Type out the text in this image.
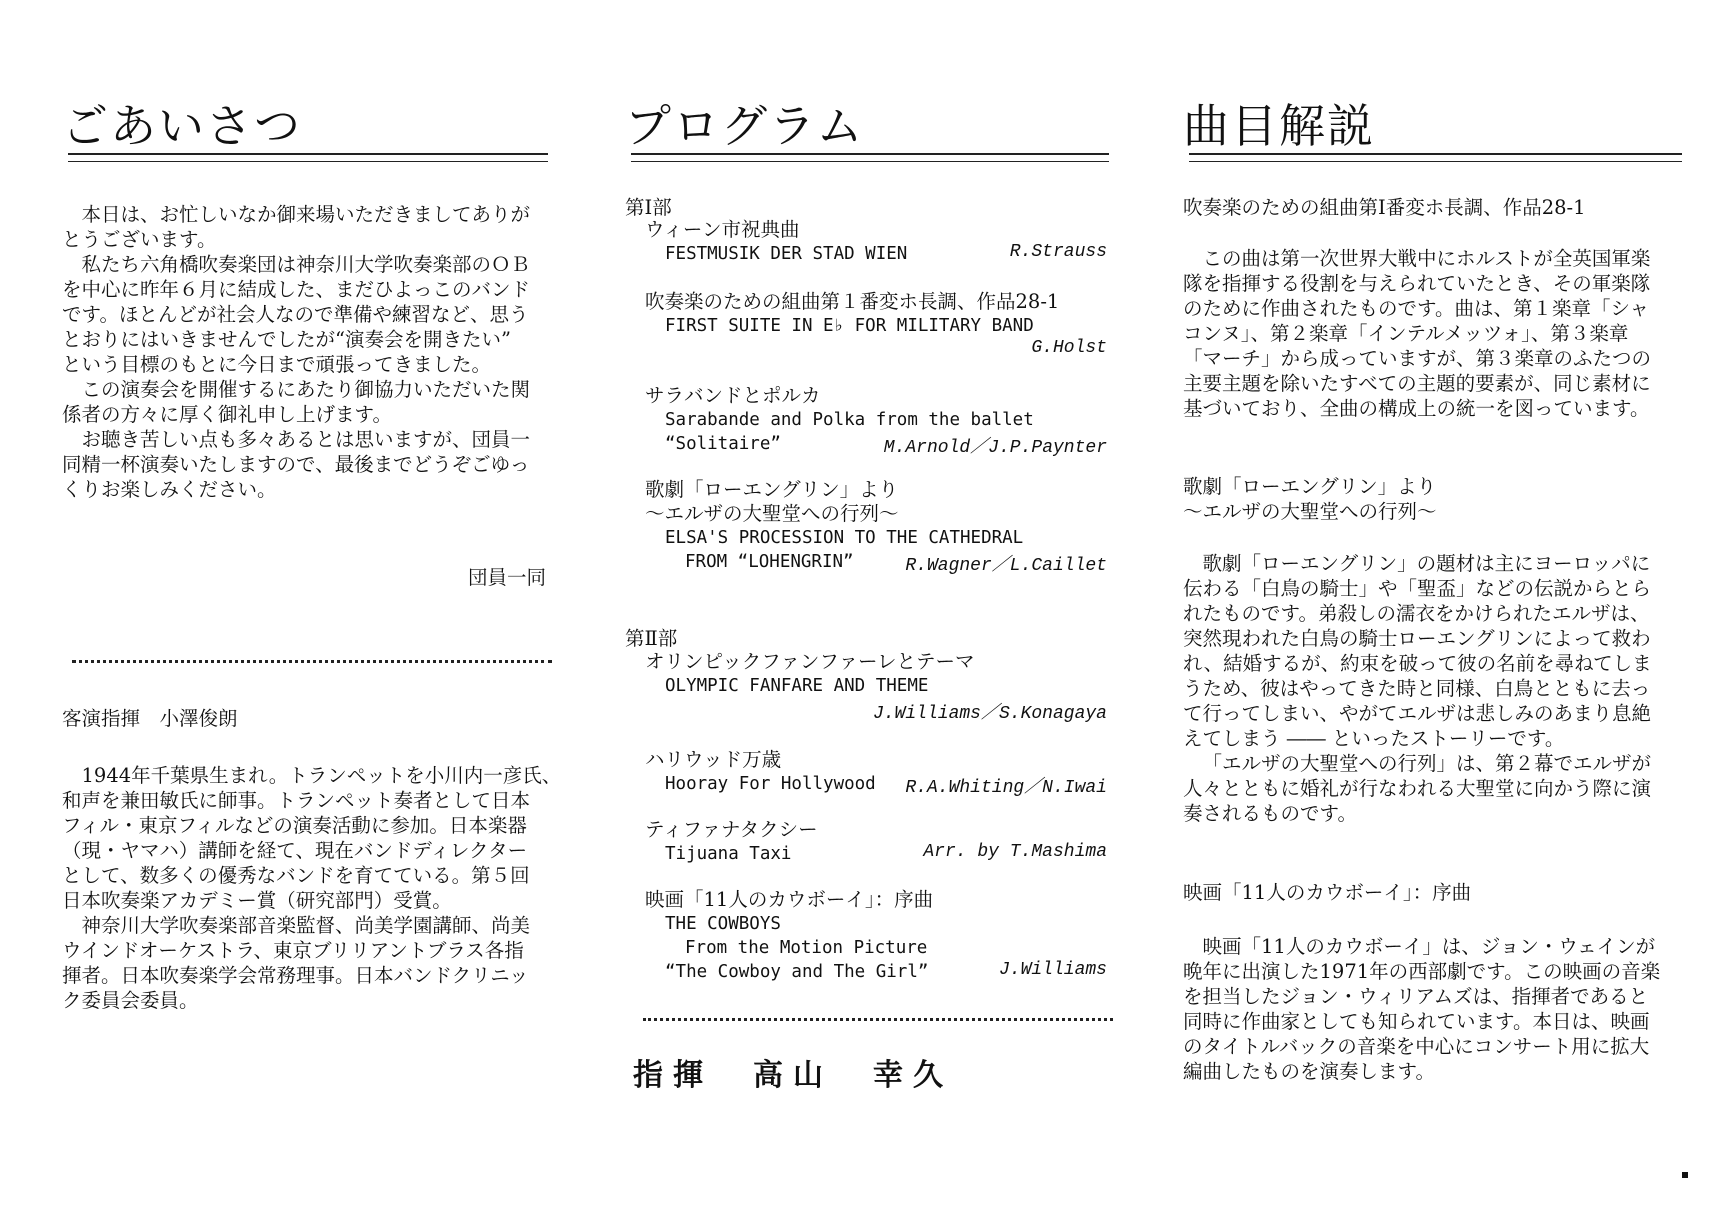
ごあいさつ
本日は、お忙しいなか御来場いただきましてありが
とうございます。
私たち六角橋吹奏楽団は神奈川大学吹奏楽部のＯＢ
を中心に昨年６月に結成した、まだひよっこのバンド
です。ほとんどが社会人なので準備や練習など、思う
とおりにはいきませんでしたが“演奏会を開きたい”
という目標のもとに今日まで頑張ってきました。
この演奏会を開催するにあたり御協力いただいた関
係者の方々に厚く御礼申し上げます。
お聴き苦しい点も多々あるとは思いますが、団員一
同精一杯演奏いたしますので、最後までどうぞごゆっ
くりお楽しみください。
団員一同
客演指揮　小澤俊朗
1944年千葉県生まれ。トランペットを小川内一彦氏、
和声を兼田敏氏に師事。トランペット奏者として日本
フィル・東京フィルなどの演奏活動に参加。日本楽器
（現・ヤマハ）講師を経て、現在バンドディレクター
として、数多くの優秀なバンドを育てている。第５回
日本吹奏楽アカデミー賞（研究部門）受賞。
神奈川大学吹奏楽部音楽監督、尚美学園講師、尚美
ウインドオーケストラ、東京ブリリアントブラス各指
揮者。日本吹奏楽学会常務理事。日本バンドクリニッ
ク委員会委員。
プログラム
第Ⅰ部
ウィーン市祝典曲
FESTMUSIK DER STAD WIEN	R.Strauss
吹奏楽のための組曲第１番変ホ長調、作品28-1
FIRST SUITE IN E♭ FOR MILITARY BAND
G.Holst
サラバンドとポルカ
Sarabande and Polka from the ballet
“Solitaire”	M.Arnold／J.P.Paynter
歌劇「ローエングリン」より
～エルザの大聖堂への行列～
ELSA'S PROCESSION TO THE CATHEDRAL
FROM “LOHENGRIN”	R.Wagner／L.Caillet
第Ⅱ部
オリンピックファンファーレとテーマ
OLYMPIC FANFARE AND THEME
J.Williams／S.Konagaya
ハリウッド万歳
Hooray For Hollywood	R.A.Whiting／N.Iwai
ティファナタクシー
Tijuana Taxi	Arr. by T.Mashima
映画「11人のカウボーイ」：序曲
THE COWBOYS
From the Motion Picture
“The Cowboy and The Girl”	J.Williams
指揮 高山 幸久
曲目解説
吹奏楽のための組曲第Ⅰ番変ホ長調、作品28-1
この曲は第一次世界大戦中にホルストが全英国軍楽
隊を指揮する役割を与えられていたとき、その軍楽隊
のために作曲されたものです。曲は、第１楽章「シャ
コンヌ」、第２楽章「インテルメッツォ」、第３楽章
「マーチ」から成っていますが、第３楽章のふたつの
主要主題を除いたすべての主題的要素が、同じ素材に
基づいており、全曲の構成上の統一を図っています。
歌劇「ローエングリン」より
～エルザの大聖堂への行列～
歌劇「ローエングリン」の題材は主にヨーロッパに
伝わる「白鳥の騎士」や「聖盃」などの伝説からとら
れたものです。弟殺しの濡衣をかけられたエルザは、
突然現われた白鳥の騎士ローエングリンによって救わ
れ、結婚するが、約束を破って彼の名前を尋ねてしま
うため、彼はやってきた時と同様、白鳥とともに去っ
て行ってしまい、やがてエルザは悲しみのあまり息絶
えてしまう ―― といったストーリーです。
「エルザの大聖堂への行列」は、第２幕でエルザが
人々とともに婚礼が行なわれる大聖堂に向かう際に演
奏されるものです。
映画「11人のカウボーイ」：序曲
映画「11人のカウボーイ」は、ジョン・ウェインが
晩年に出演した1971年の西部劇です。この映画の音楽
を担当したジョン・ウィリアムズは、指揮者であると
同時に作曲家としても知られています。本日は、映画
のタイトルバックの音楽を中心にコンサート用に拡大
編曲したものを演奏します。
